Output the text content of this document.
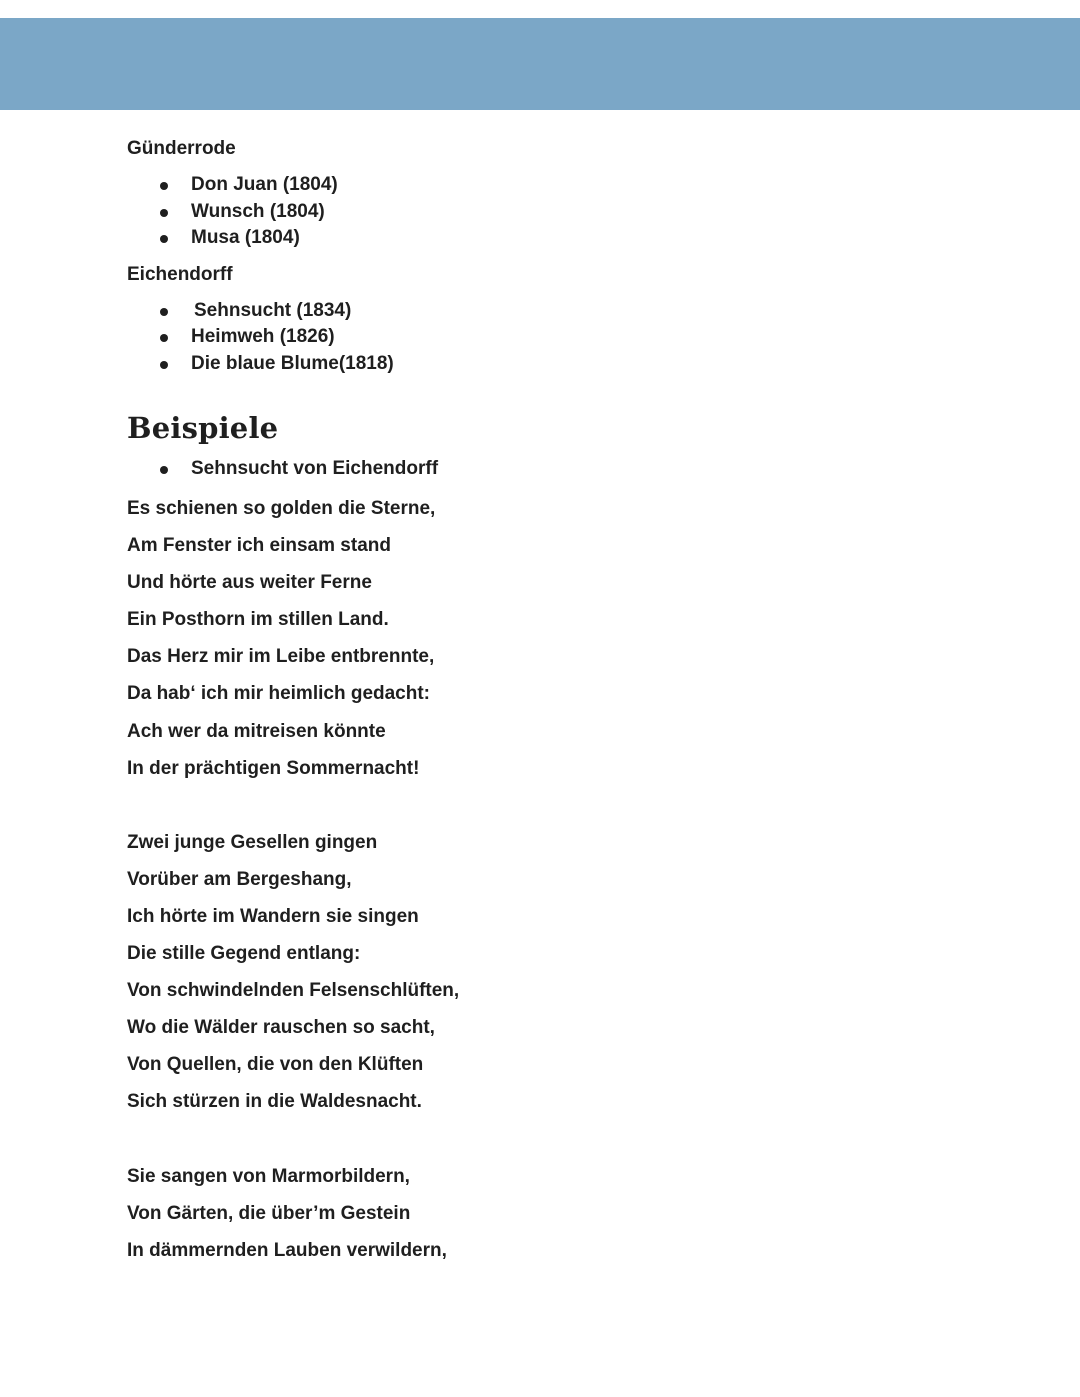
Günderrode

Don Juan (1804)
Wunsch (1804)
Musa (1804)

Eichendorff

Sehnsucht (1834)
Heimweh (1826)
Die blaue Blume(1818)
Beispiele
Sehnsucht von Eichendorff
Es schienen so golden die Sterne,
Am Fenster ich einsam stand
Und hörte aus weiter Ferne
Ein Posthorn im stillen Land.
Das Herz mir im Leibe entbrennte,
Da hab‘ ich mir heimlich gedacht:
Ach wer da mitreisen könnte
In der prächtigen Sommernacht!
Zwei junge Gesellen gingen
Vorüber am Bergeshang,
Ich hörte im Wandern sie singen
Die stille Gegend entlang:
Von schwindelnden Felsenschlüften,
Wo die Wälder rauschen so sacht,
Von Quellen, die von den Klüften
Sich stürzen in die Waldesnacht.
Sie sangen von Marmorbildern,
Von Gärten, die über’m Gestein
In dämmernden Lauben verwildern,
